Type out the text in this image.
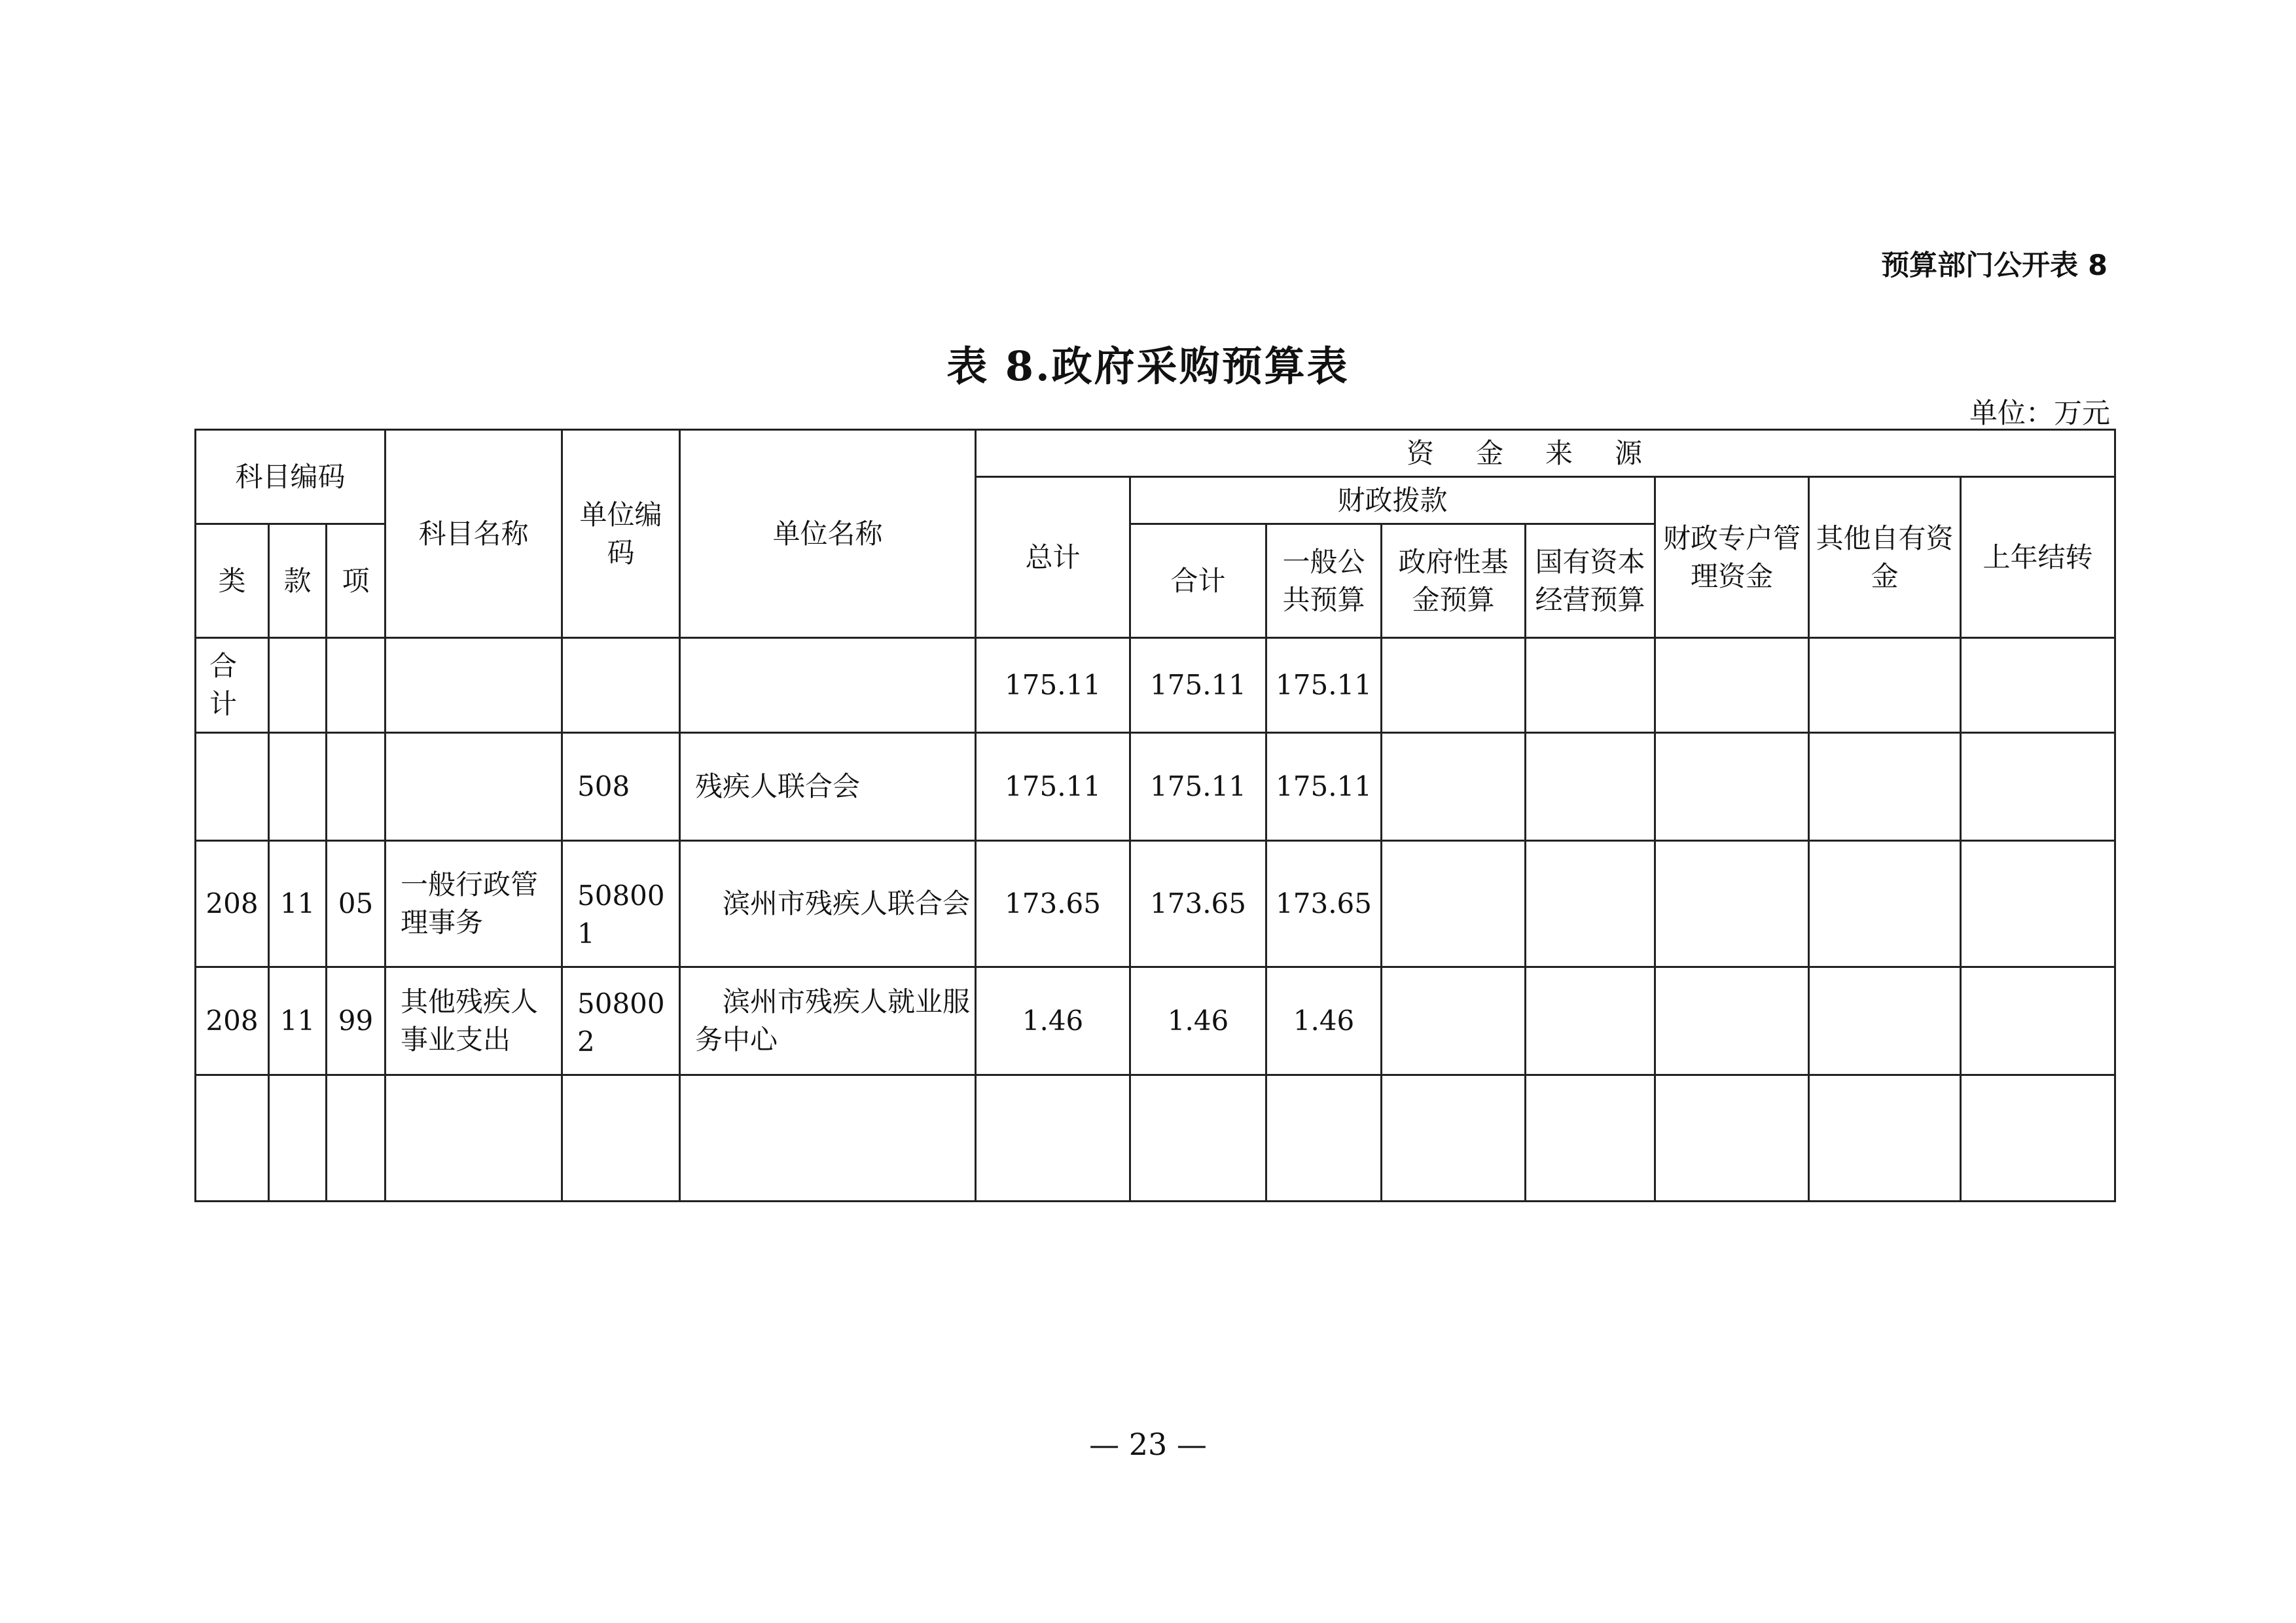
预算部门公开表 8
表 8.政府采购预算表
单位：万元
科目编码			科目名称	单位编码	单位名称	资金来源							
						总计	财政拨款				财政专户管理资金	其他自有资金	上年结转
类	款	项					合计	一般公共预算	政府性基金预算	国有资本经营预算			
合计						175.11	175.11	175.11					
				508	残疾人联合会	175.11	175.11	175.11					
208	11	05	一般行政管理事务	508001	滨州市残疾人联合会	173.65	173.65	173.65					
208	11	99	其他残疾人事业支出	508002	滨州市残疾人就业服务中心	1.46	1.46	1.46					

— 23 —
